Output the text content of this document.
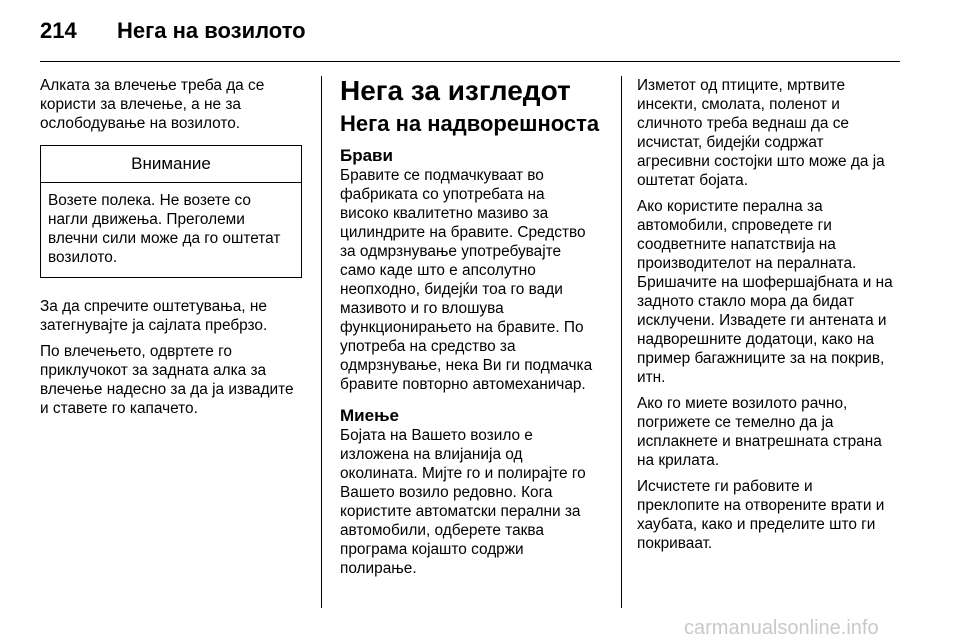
214 Нега на возилото

Алката за влечење треба да се
користи за влечење, а не за
ослободување на возилото.

Внимание
Возете полека. Не возете со
нагли движења. Преголеми
влечни сили може да го оштетат
возилото.

За да спречите оштетувања, не
затегнувајте ја сајлата пребрзо.

По влечењето, одвртете го
приклучокот за задната алка за
влечење надесно за да ја извадите
и ставете го капачето.

Нега за изгледот
Нега на надворешноста
Брави

Бравите се подмачкуваат во
фабриката со употребата на
високо квалитетно мазиво за
цилиндрите на бравите. Средство
за одмрзнување употребувајте
само каде што е апсолутно
неопходно, бидејќи тоа го вади
мазивото и го влошува
функционирањето на бравите. По
употреба на средство за
одмрзнување, нека Ви ги подмачка
бравите повторно автомеханичар.

Миење

Бојата на Вашето возило е
изложена на влијанија од
околината. Мијте го и полирајте го
Вашето возило редовно. Кога
користите автоматски перални за
автомобили, одберете таква
програма којашто содржи
полирање.

Изметот од птиците, мртвите
инсекти, смолата, поленот и
сличното треба веднаш да се
исчистат, бидејќи содржат
агресивни состојки што може да ја
оштетат бојата.

Ако користите перална за
автомобили, спроведете ги
соодветните напатствија на
производителот на пералната.
Бришачите на шофершајбната и на
задното стакло мора да бидат
исклучени. Извадете ги антената и
надворешните додатоци, како на
пример багажниците за на покрив,
итн.

Ако го миете возилото рачно,
погрижете се темелно да ја
исплакнете и внатрешната страна
на крилата.

Исчистете ги рабовите и
преклопите на отворените врати и
хаубата, како и пределите што ги
покриваат.

carmanualsonline.info
